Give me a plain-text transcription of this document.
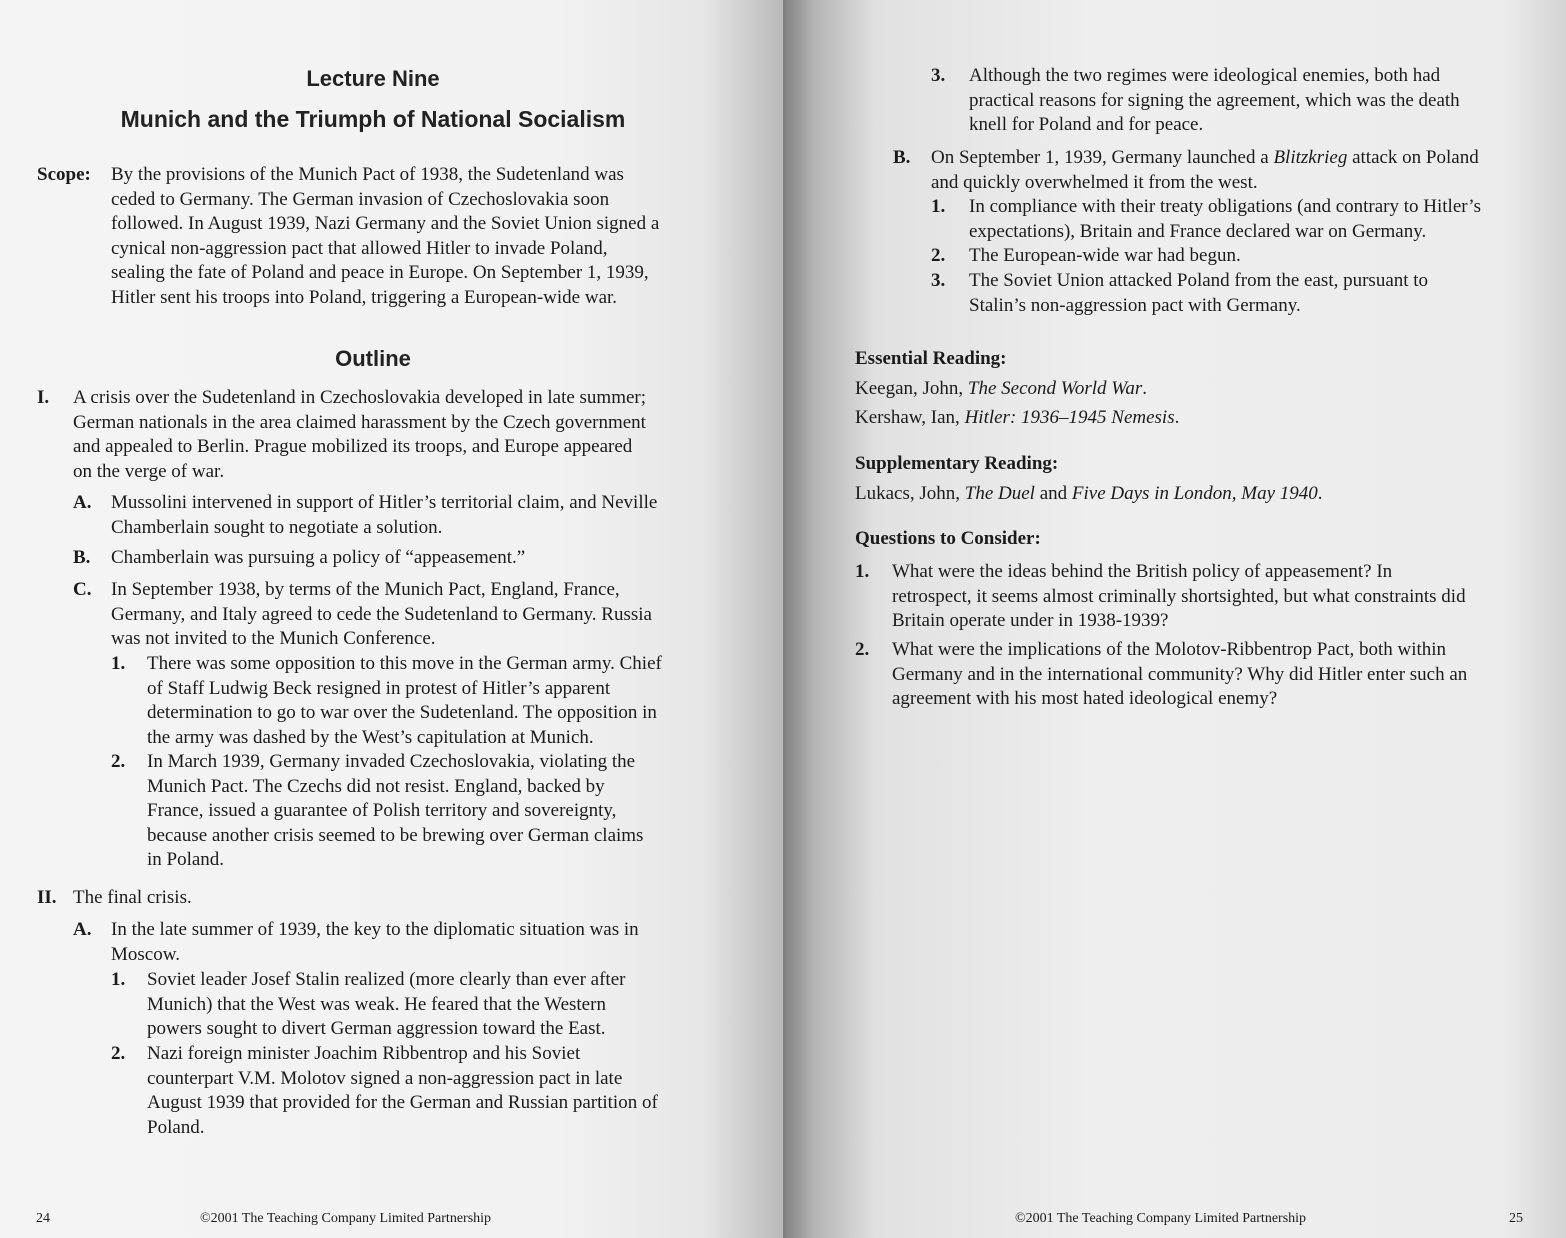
Lecture Nine
Munich and the Triumph of National Socialism
Scope: By the provisions of the Munich Pact of 1938, the Sudetenland was
ceded to Germany. The German invasion of Czechoslovakia soon
followed. In August 1939, Nazi Germany and the Soviet Union signed a
cynical non-aggression pact that allowed Hitler to invade Poland,
sealing the fate of Poland and peace in Europe. On September 1, 1939,
Hitler sent his troops into Poland, triggering a European-wide war.
Outline
I. A crisis over the Sudetenland in Czechoslovakia developed in late summer;
German nationals in the area claimed harassment by the Czech government
and appealed to Berlin. Prague mobilized its troops, and Europe appeared
on the verge of war.
A. Mussolini intervened in support of Hitler’s territorial claim, and Neville
Chamberlain sought to negotiate a solution.
B. Chamberlain was pursuing a policy of “appeasement.”
C. In September 1938, by terms of the Munich Pact, England, France,
Germany, and Italy agreed to cede the Sudetenland to Germany. Russia
was not invited to the Munich Conference.
1. There was some opposition to this move in the German army. Chief
of Staff Ludwig Beck resigned in protest of Hitler’s apparent
determination to go to war over the Sudetenland. The opposition in
the army was dashed by the West’s capitulation at Munich.
2. In March 1939, Germany invaded Czechoslovakia, violating the
Munich Pact. The Czechs did not resist. England, backed by
France, issued a guarantee of Polish territory and sovereignty,
because another crisis seemed to be brewing over German claims
in Poland.
II. The final crisis.
A. In the late summer of 1939, the key to the diplomatic situation was in
Moscow.
1. Soviet leader Josef Stalin realized (more clearly than ever after
Munich) that the West was weak. He feared that the Western
powers sought to divert German aggression toward the East.
2. Nazi foreign minister Joachim Ribbentrop and his Soviet
counterpart V.M. Molotov signed a non-aggression pact in late
August 1939 that provided for the German and Russian partition of
Poland.
24	©2001 The Teaching Company Limited Partnership
3. Although the two regimes were ideological enemies, both had
practical reasons for signing the agreement, which was the death
knell for Poland and for peace.
B. On September 1, 1939, Germany launched a Blitzkrieg attack on Poland
and quickly overwhelmed it from the west.
1. In compliance with their treaty obligations (and contrary to Hitler’s
expectations), Britain and France declared war on Germany.
2. The European-wide war had begun.
3. The Soviet Union attacked Poland from the east, pursuant to
Stalin’s non-aggression pact with Germany.
Essential Reading:
Keegan, John, The Second World War.
Kershaw, Ian, Hitler: 1936–1945 Nemesis.
Supplementary Reading:
Lukacs, John, The Duel and Five Days in London, May 1940.
Questions to Consider:
1. What were the ideas behind the British policy of appeasement? In
retrospect, it seems almost criminally shortsighted, but what constraints did
Britain operate under in 1938-1939?
2. What were the implications of the Molotov-Ribbentrop Pact, both within
Germany and in the international community? Why did Hitler enter such an
agreement with his most hated ideological enemy?
©2001 The Teaching Company Limited Partnership	25
